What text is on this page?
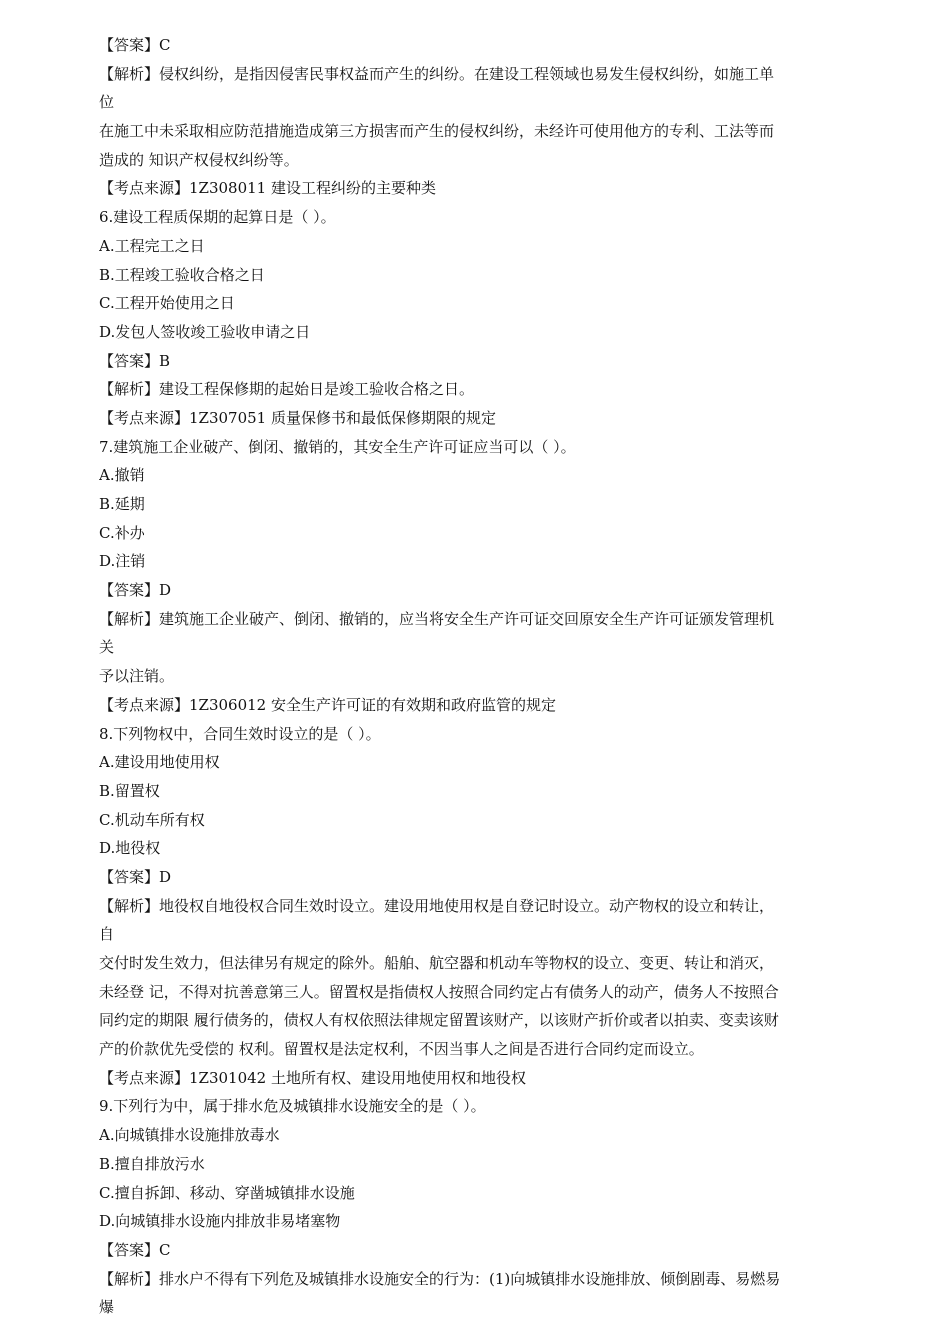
【答案】C
【解析】侵权纠纷，是指因侵害民事权益而产生的纠纷。在建设工程领域也易发生侵权纠纷，如施工单
位
在施工中未采取相应防范措施造成第三方损害而产生的侵权纠纷，未经许可使用他方的专利、工法等而
造成的 知识产权侵权纠纷等。
【考点来源】1Z308011 建设工程纠纷的主要种类
6.建设工程质保期的起算日是（ ）。
A.工程完工之日
B.工程竣工验收合格之日
C.工程开始使用之日
D.发包人签收竣工验收申请之日
【答案】B
【解析】建设工程保修期的起始日是竣工验收合格之日。
【考点来源】1Z307051 质量保修书和最低保修期限的规定
7.建筑施工企业破产、倒闭、撤销的，其安全生产许可证应当可以（ ）。
A.撤销
B.延期
C.补办
D.注销
【答案】D
【解析】建筑施工企业破产、倒闭、撤销的，应当将安全生产许可证交回原安全生产许可证颁发管理机
关
予以注销。
【考点来源】1Z306012 安全生产许可证的有效期和政府监管的规定
8.下列物权中，合同生效时设立的是（ ）。
A.建设用地使用权
B.留置权
C.机动车所有权
D.地役权
【答案】D
【解析】地役权自地役权合同生效时设立。建设用地使用权是自登记时设立。动产物权的设立和转让，
自
交付时发生效力，但法律另有规定的除外。船舶、航空器和机动车等物权的设立、变更、转让和消灭，
未经登 记，不得对抗善意第三人。留置权是指债权人按照合同约定占有债务人的动产，债务人不按照合
同约定的期限 履行债务的，债权人有权依照法律规定留置该财产，以该财产折价或者以拍卖、变卖该财
产的价款优先受偿的 权利。留置权是法定权利，不因当事人之间是否进行合同约定而设立。
【考点来源】1Z301042 土地所有权、建设用地使用权和地役权
9.下列行为中，属于排水危及城镇排水设施安全的是（ ）。
A.向城镇排水设施排放毒水
B.擅自排放污水
C.擅自拆卸、移动、穿凿城镇排水设施
D.向城镇排水设施内排放非易堵塞物
【答案】C
【解析】排水户不得有下列危及城镇排水设施安全的行为：(1)向城镇排水设施排放、倾倒剧毒、易燃易
爆
